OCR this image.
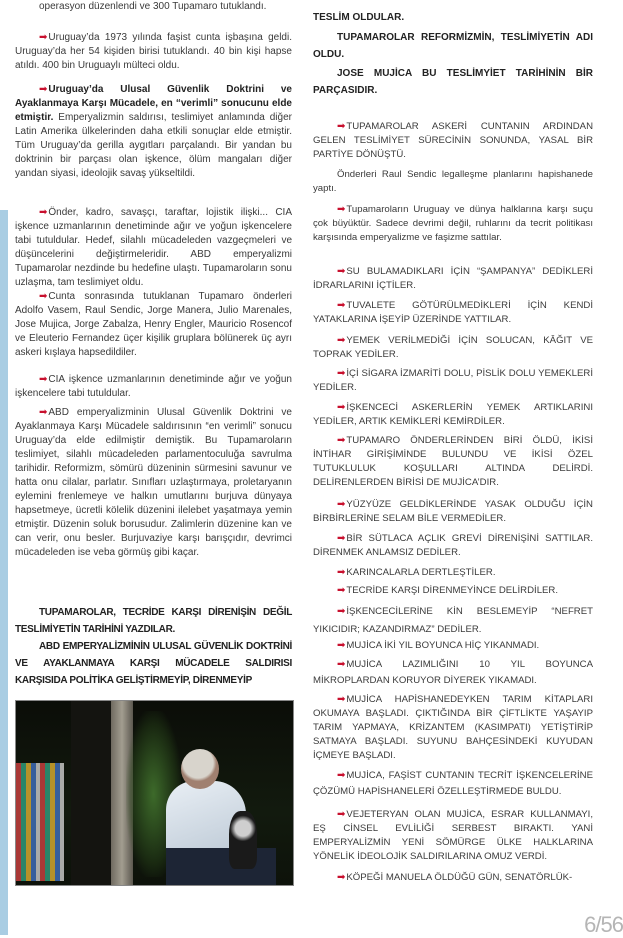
operasyon düzenlendi ve 300 Tupamaro tutuklandı.

➡Uruguay’da 1973 yılında faşist cunta işbaşına geldi. Uruguay’da her 54 kişiden birisi tutuklandı. 40 bin kişi hapse atıldı. 400 bin Uruguaylı mülteci oldu.

➡Uruguay’da Ulusal Güvenlik Doktrini ve Ayaklanmaya Karşı Mücadele, en “verimli” sonucunu elde etmiştir. Emperyalizmin saldırısı, teslimiyet anlamında diğer Latin Amerika ülkelerinden daha etkili sonuçlar elde etmiştir. Tüm Uruguay’da gerilla aygıtları parçalandı. Bir yandan bu doktrinin bir parçası olan işkence, ölüm mangaları diğer yandan siyasi, ideolojik savaş yükseltildi.

➡Önder, kadro, savaşçı, taraftar, lojistik ilişki... CIA işkence uzmanlarının denetiminde ağır ve yoğun işkencelere tabi tutuldular. Hedef, silahlı mücadeleden vazgeçmeleri ve düşüncelerini değiştirmeleridir. ABD emperyalizmi Tupamarolar nezdinde bu hedefine ulaştı. Tupamaroların sonu uzlaşma, tam teslimiyet oldu.

➡Cunta sonrasında tutuklanan Tupamaro önderleri Adolfo Vasem, Raul Sendic, Jorge Manera, Julio Marenales, Jose Mujica, Jorge Zabalza, Henry Engler, Mauricio Rosencof ve Eleuterio Fernandez üçer kişilik gruplara bölünerek üç ayrı askeri kışlaya hapsedildiler.

➡CIA işkence uzmanlarının denetiminde ağır ve yoğun işkencelere tabi tutuldular.

➡ABD emperyalizminin Ulusal Güvenlik Doktrini ve Ayaklanmaya Karşı Mücadele saldırısının “en verimli” sonucu Uruguay’da elde edilmiştir demiştik. Bu Tupamaroların teslimiyet, silahlı mücadeleden parlamentoculuğa savrulma tarihidir. Reformizm, sömürü düzeninin sürmesini savunur ve hatta onu cilalar, parlatır. Sınıfları uzlaştırmaya, proletaryanın eylemini frenlemeye ve halkın umutlarını burjuva dünyaya hapsetmeye, ücretli kölelik düzenini ilelebet yaşatmaya yemin etmiştir. Düzenin soluk borusudur. Zalimlerin düzenine kan ve can verir, onu besler. Burjuvaziye karşı barışçıdır, devrimci mücadeleden ise veba görmüş gibi kaçar.

TUPAMAROLAR, TECRİDE KARŞI DİRENİŞİN DEĞİL TESLİMİYETİN TARİHİNİ YAZDILAR.

ABD EMPERYALİZMİNİN ULUSAL GÜVENLİK DOKTRİNİ VE AYAKLANMAYA KARŞI MÜCADELE SALDIRISI KARŞISIDA POLİTİKA GELİŞTİRMEYİP, DİRENMEYİP

TESLİM OLDULAR.

TUPAMAROLAR REFORMİZMİN, TESLİMİYETİN ADI OLDU.

JOSE MUJİCA BU TESLİMYİET TARİHİNİN BİR PARÇASIDIR.

➡TUPAMAROLAR ASKERİ CUNTANIN ARDINDAN GELEN TESLİMİYET SÜRECİNİN SONUNDA, YASAL BİR PARTİYE DÖNÜŞTÜ.

Önderleri Raul Sendic legalleşme planlarını hapishanede yaptı.

➡Tupamaroların Uruguay ve dünya halklarına karşı suçu çok büyüktür. Sadece devrimi değil, ruhlarını da tecrit politikası karşısında emperyalizme ve faşizme sattılar.

➡SU BULAMADIKLARI İÇİN “ŞAMPANYA” DEDİKLERİ İDRARLARINI İÇTİLER.

➡TUVALETE GÖTÜRÜLMEDİKLERİ İÇİN KENDİ YATAKLARINA İŞEYİP ÜZERİNDE YATTILAR.

➡YEMEK VERİLMEDİĞİ İÇİN SOLUCAN, KÂĞIT VE TOPRAK YEDİLER.

➡İÇİ SİGARA İZMARİTİ DOLU, PİSLİK DOLU YEMEKLERİ YEDİLER.

➡İŞKENCECİ ASKERLERİN YEMEK ARTIKLARINI YEDİLER, ARTIK KEMİKLERİ KEMİRDİLER.

➡TUPAMARO ÖNDERLERİNDEN BİRİ ÖLDÜ, İKİSİ İNTİHAR GİRİŞİMİNDE BULUNDU VE İKİSİ ÖZEL TUTUKLULUK KOŞULLARI ALTINDA DELİRDİ. DELİRENLERDEN BİRİSİ DE MUJİCA’DIR.

➡YÜZYÜZE GELDİKLERİNDE YASAK OLDUĞU İÇİN BİRBİRLERİNE SELAM BİLE VERMEDİLER.

➡BİR SÜTLACA AÇLIK GREVİ DİRENİŞİNİ SATTILAR. DİRENMEK ANLAMSIZ DEDİLER.

➡KARINCALARLA DERTLEŞTİLER.

➡TECRİDE KARŞI DİRENMEYİNCE DELİRDİLER.

➡İŞKENCECİLERİNE KİN BESLEMEYİP “NEFRET YIKICIDIR; KAZANDIRMAZ” DEDİLER.

➡MUJİCA İKİ YIL BOYUNCA HİÇ YIKANMADI.

➡MUJİCA LAZIMLIĞINI 10 YIL BOYUNCA MİKROPLARDAN KORUYOR DİYEREK YIKAMADI.

➡MUJİCA HAPİSHANEDEYKEN TARIM KİTAPLARI OKUMAYA BAŞLADI. ÇIKTIĞINDA BİR ÇİFTLİKTE YAŞAYIP TARIM YAPMAYA, KRİZANTEM (KASIMPATI) YETİŞTİRİP SATMAYA BAŞLADI. SUYUNU BAHÇESİNDEKİ KUYUDAN İÇMEYE BAŞLADI.

➡MUJİCA, FAŞİST CUNTANIN TECRİT İŞKENCELERİNE ÇÖZÜMÜ HAPİSHANELERİ ÖZELLEŞTİRMEDE BULDU.

➡VEJETERYAN OLAN MUJİCA, ESRAR KULLANMAYI, EŞ CİNSEL EVLİLİĞİ SERBEST BIRAKTI. YANİ EMPERYALİZMİN YENİ SÖMÜRGE ÜLKE HALKLARINA YÖNELİK İDEOLOJİK SALDIRILARINA OMUZ VERDİ.

➡KÖPEĞİ MANUELA ÖLDÜĞÜ GÜN, SENATÖRLÜK-

6/56
